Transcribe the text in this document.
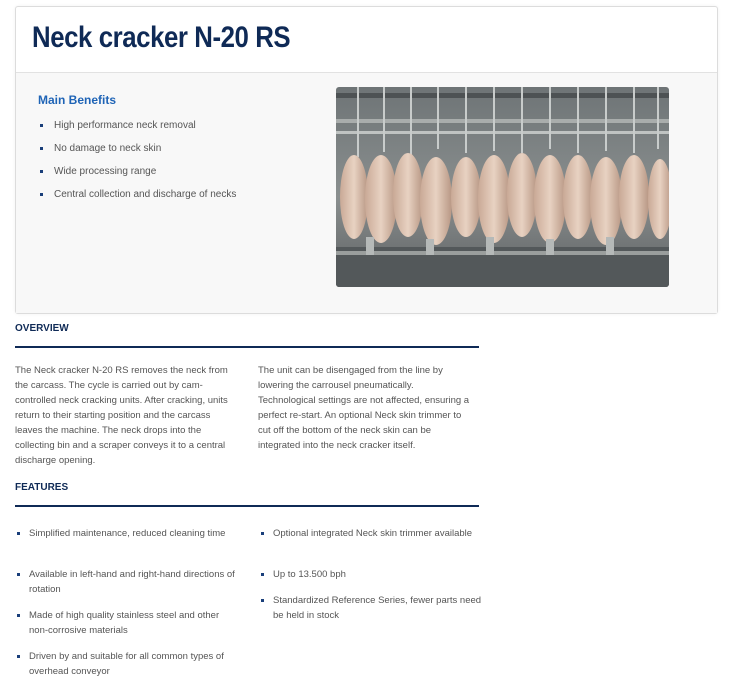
Neck cracker N-20 RS
Main Benefits
High performance neck removal
No damage to neck skin
Wide processing range
Central collection and discharge of necks
OVERVIEW

The Neck cracker N-20 RS removes the neck from the carcass. The cycle is carried out by cam-controlled neck cracking units. After cracking, units return to their starting position and the carcass leaves the machine. The neck drops into the collecting bin and a scraper conveys it to a central discharge opening.

The unit can be disengaged from the line by lowering the carrousel pneumatically. Technological settings are not affected, ensuring a perfect re-start. An optional Neck skin trimmer to cut off the bottom of the neck skin can be integrated into the neck cracker itself.

FEATURES
Simplified maintenance, reduced cleaning time
Available in left-hand and right-hand directions of rotation
Made of high quality stainless steel and other non-corrosive materials
Driven by and suitable for all common types of overhead conveyor
Optional integrated Neck skin trimmer available
Up to 13.500 bph
Standardized Reference Series, fewer parts need be held in stock
